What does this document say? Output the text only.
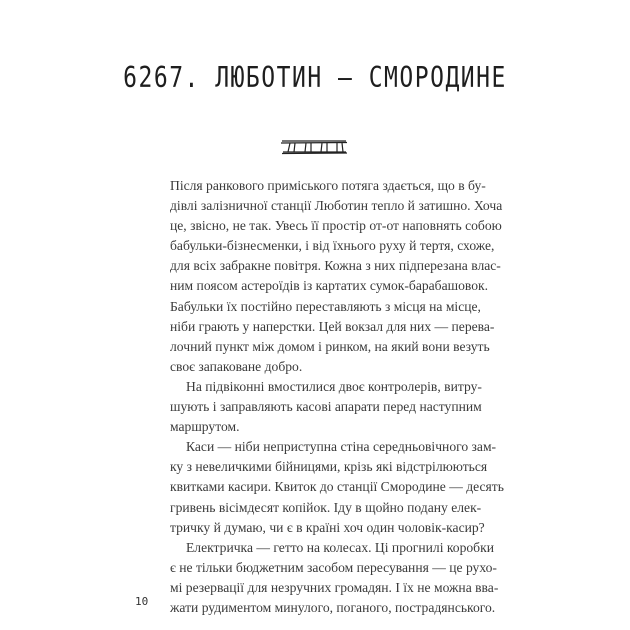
6267. ЛЮБОТИН — СМОРОДИНЕ

Після ранкового приміського потяга здається, що в бу-
дівлі залізничної станції Люботин тепло й затишно. Хоча
це, звісно, не так. Увесь її простір от-от наповнять собою
бабульки-бізнесменки, і від їхнього руху й тертя, схоже,
для всіх забракне повітря. Кожна з них підперезана влас-
ним поясом астероїдів із картатих сумок-барабашовок.
Бабульки їх постійно переставляють з місця на місце,
ніби грають у наперстки. Цей вокзал для них — перева-
лочний пункт між домом і ринком, на який вони везуть
своє запаковане добро.

На підвіконні вмостилися двоє контролерів, витру-
шують і заправляють касові апарати перед наступним
маршрутом.

Каси — ніби неприступна стіна середньовічного зам-
ку з невеличкими бійницями, крізь які відстрілюються
квитками касири. Квиток до станції Смородине — десять
гривень вісімдесят копійок. Іду в щойно подану елек-
тричку й думаю, чи є в країні хоч один чоловік-касир?

Електричка — гетто на колесах. Ці прогнилі коробки
є не тільки бюджетним засобом пересування — це рухо-
мі резервації для незручних громадян. І їх не можна вва-
жати рудиментом минулого, поганого, пострадянського.

10
